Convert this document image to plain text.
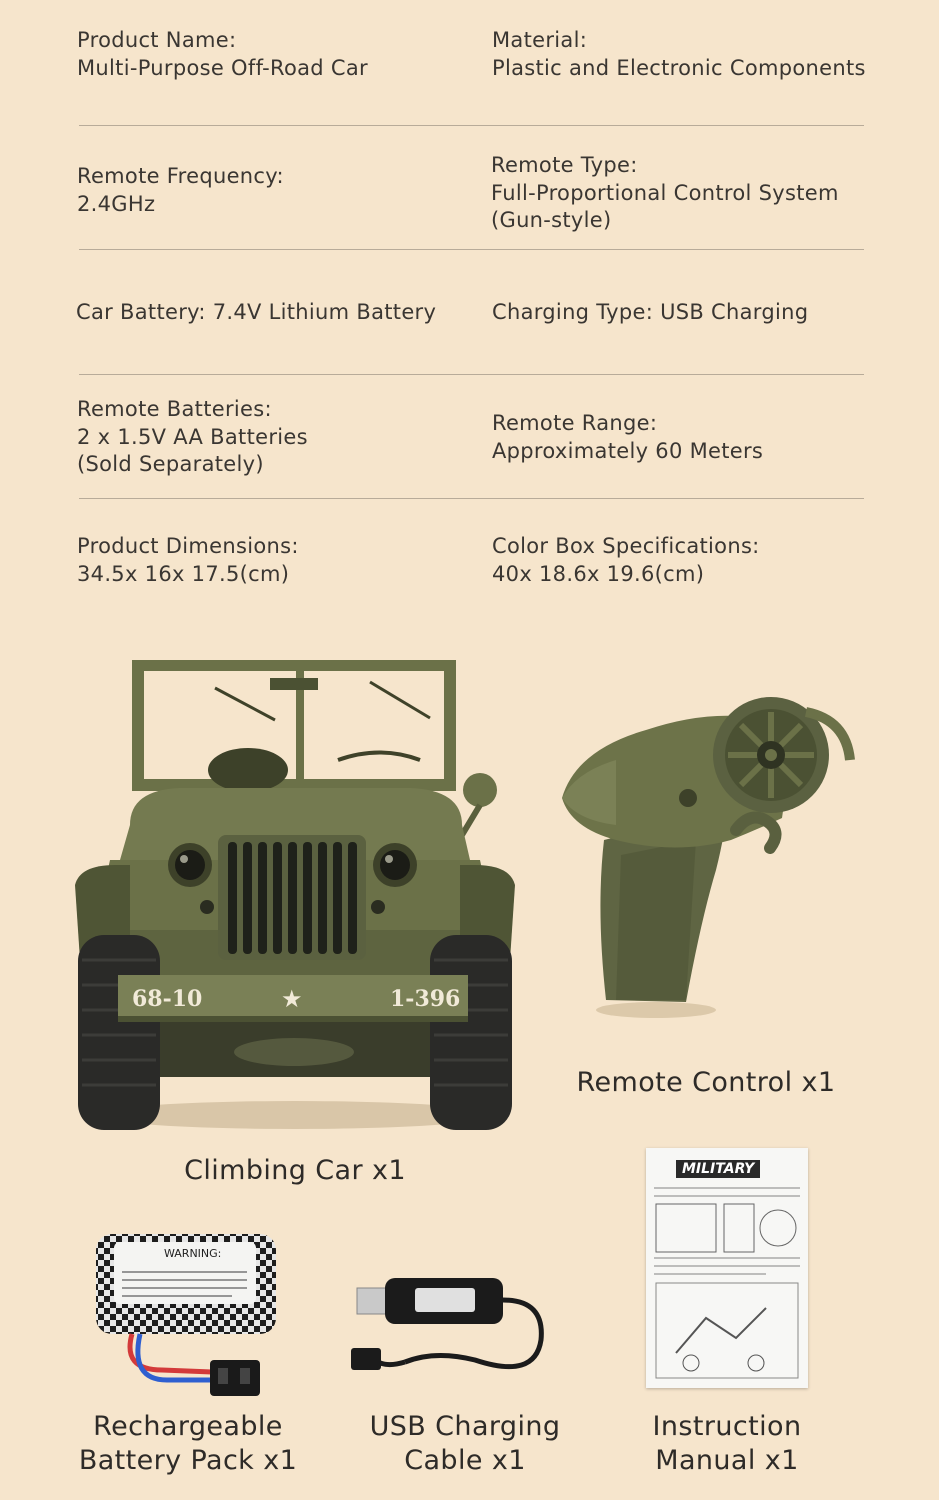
Product Name:
Multi-Purpose Off-Road Car
Material:
Plastic and Electronic Components
Remote Frequency:
2.4GHz
Remote Type:
Full-Proportional Control System
(Gun-style)
Car Battery: 7.4V Lithium Battery	Charging Type: USB Charging
Remote Batteries:
2 x 1.5V AA Batteries
(Sold Separately)
Remote Range:
Approximately 60 Meters
Product Dimensions:
34.5x 16x 17.5(cm)
Color Box Specifications:
40x 18.6x 19.6(cm)
68-10	★	1-396
Climbing Car x1
Remote Control x1
WARNING:
Rechargeable
Battery Pack x1
USB Charging
Cable x1
MILITARY
Instruction
Manual x1
